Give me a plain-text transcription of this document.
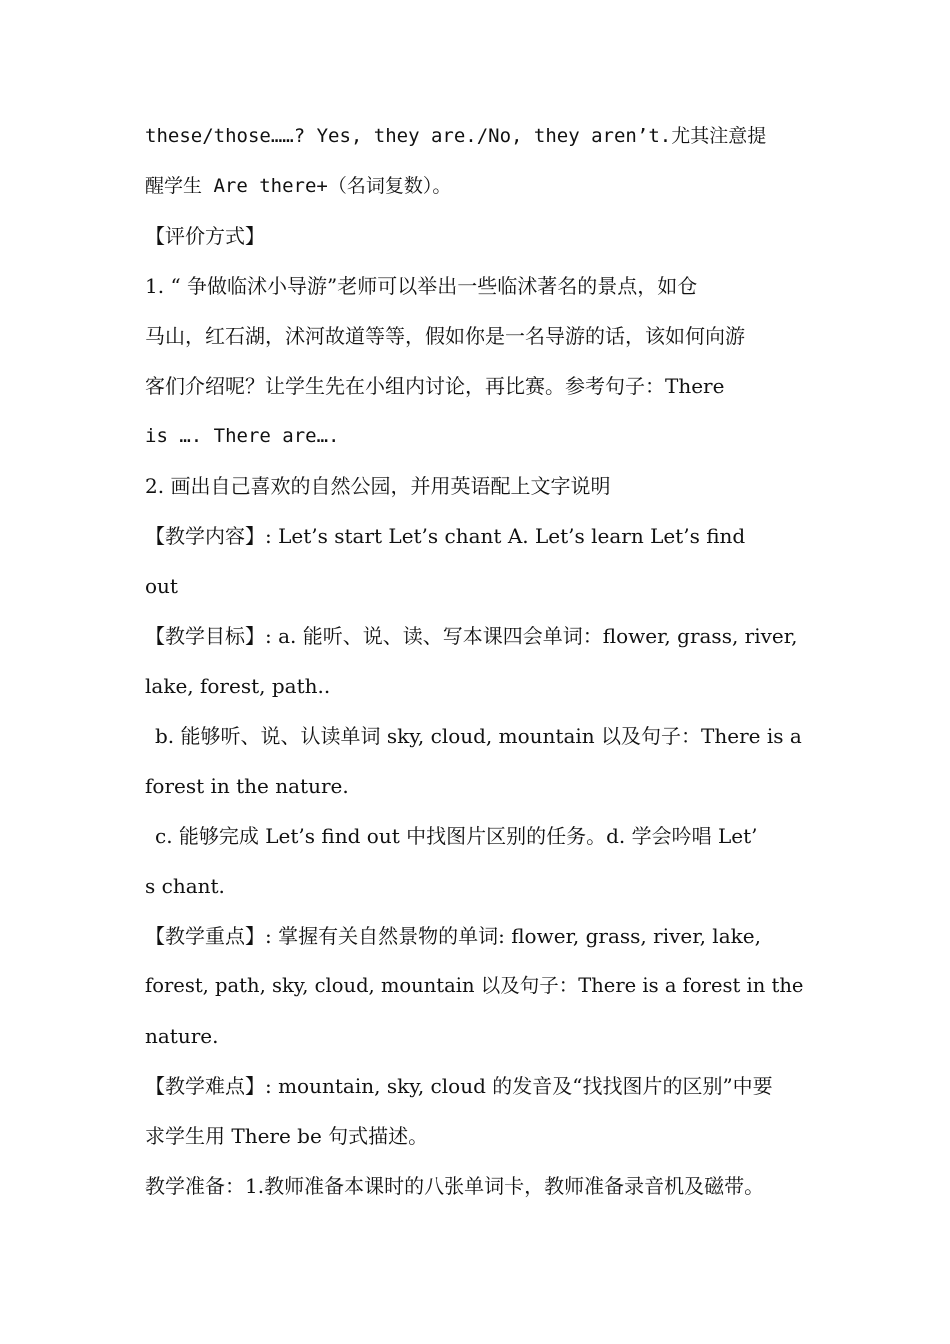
these/those……? Yes, they are./No, they aren’t.尤其注意提
醒学生 Are there+（名词复数）。
【评价方式】
1. “ 争做临沭小导游”老师可以举出一些临沭著名的景点，如仓
马山，红石湖，沭河故道等等，假如你是一名导游的话，该如何向游
客们介绍呢？让学生先在小组内讨论，再比赛。参考句子：There
is …. There are….
2. 画出自己喜欢的自然公园，并用英语配上文字说明
【教学内容】: Let’s start Let’s chant A. Let’s learn Let’s find
out
【教学目标】: a. 能听、说、读、写本课四会单词：flower, grass, river,
lake, forest, path..
b. 能够听、说、认读单词 sky, cloud, mountain 以及句子：There is a
forest in the nature.
c. 能够完成 Let’s find out 中找图片区别的任务。d. 学会吟唱 Let’
s chant.
【教学重点】: 掌握有关自然景物的单词: flower, grass, river, lake,
forest, path, sky, cloud, mountain 以及句子：There is a forest in the
nature.
【教学难点】: mountain, sky, cloud 的发音及“找找图片的区别”中要
求学生用 There be 句式描述。
教学准备：1.教师准备本课时的八张单词卡，教师准备录音机及磁带。
